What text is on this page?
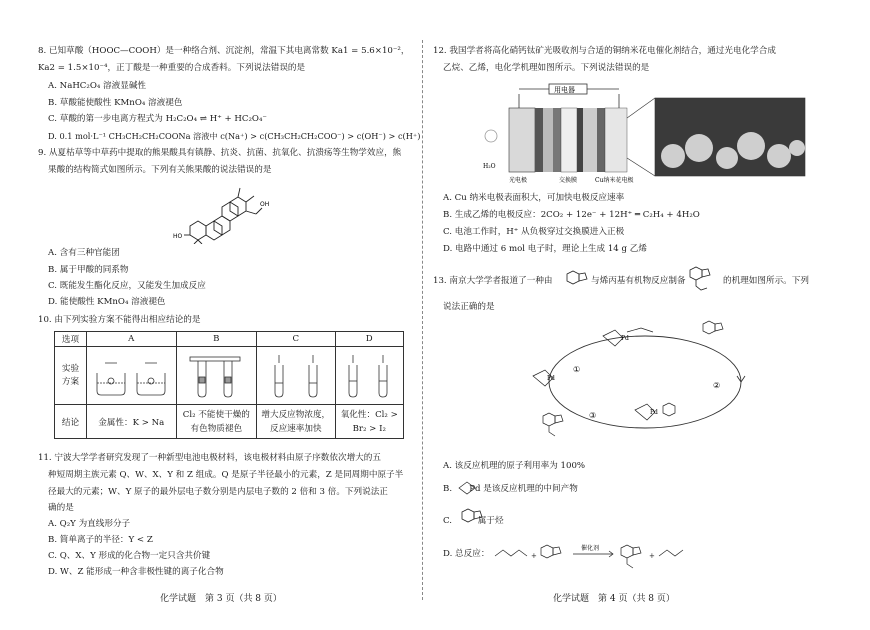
8. 已知草酸（HOOC—COOH）是一种络合剂、沉淀剂，常温下其电离常数 Ka1 = 5.6×10⁻²，
Ka2 = 1.5×10⁻⁴，正丁酸是一种重要的合成香料。下列说法错误的是
A. NaHC₂O₄ 溶液显碱性
B. 草酸能使酸性 KMnO₄ 溶液褪色
C. 草酸的第一步电离方程式为 H₂C₂O₄ ⇌ H⁺ + HC₂O₄⁻
D. 0.1 mol·L⁻¹ CH₃CH₂CH₂COONa 溶液中 c(Na⁺) > c(CH₃CH₂CH₂COO⁻) > c(OH⁻) > c(H⁺)
9. 从夏枯草等中草药中提取的熊果酸具有镇静、抗炎、抗菌、抗氧化、抗溃疡等生物学效应，熊
果酸的结构简式如图所示。下列有关熊果酸的说法错误的是
OH
HO
A. 含有三种官能团
B. 属于甲酸的同系物
C. 既能发生酯化反应，又能发生加成反应
D. 能使酸性 KMnO₄ 溶液褪色
10. 由下列实验方案不能得出相应结论的是
选项	A	B	C	D
实验方案	

结论	金属性：K > Na	Cl₂ 不能使干燥的有色物质褪色	增大反应物浓度，反应速率加快	氧化性：Cl₂ > Br₂ > I₂
11. 宁波大学学者研究发现了一种新型电池电极材料，该电极材料由原子序数依次增大的五
种短周期主族元素 Q、W、X、Y 和 Z 组成。Q 是原子半径最小的元素，Z 是同周期中原子半
径最大的元素；W、Y 原子的最外层电子数分别是内层电子数的 2 倍和 3 倍。下列说法正
确的是
A. Q₂Y 为直线形分子
B. 简单离子的半径：Y < Z
C. Q、X、Y 形成的化合物一定只含共价键
D. W、Z 能形成一种含非极性键的离子化合物
化学试题　第 3 页（共 8 页）
12. 我国学者将高化硝钙钛矿光吸收剂与合适的铜纳米花电催化剂结合，通过光电化学合成
乙烷、乙烯，电化学机理如图所示。下列说法错误的是
用电器
H₂O
光电极	交换膜	Cu纳米花电极
A. Cu 纳米电极表面积大，可加快电极反应速率
B. 生成乙烯的电极反应：2CO₂ + 12e⁻ + 12H⁺ ═ C₂H₄ + 4H₂O
C. 电池工作时，H⁺ 从负极穿过交换膜进入正极
D. 电路中通过 6 mol 电子时，理论上生成 14 g 乙烯
13. 南京大学学者报道了一种由	与烯丙基有机物反应制备	的机理如图所示。下列
说法正确的是
Pd
Pd
Pd
①
②
③
A. 该反应机理的原子利用率为 100%
B.　　Pd 是该反应机理的中间产物
C.　　　属于烃
D. 总反应：	+	+
催化剂
化学试题　第 4 页（共 8 页）
